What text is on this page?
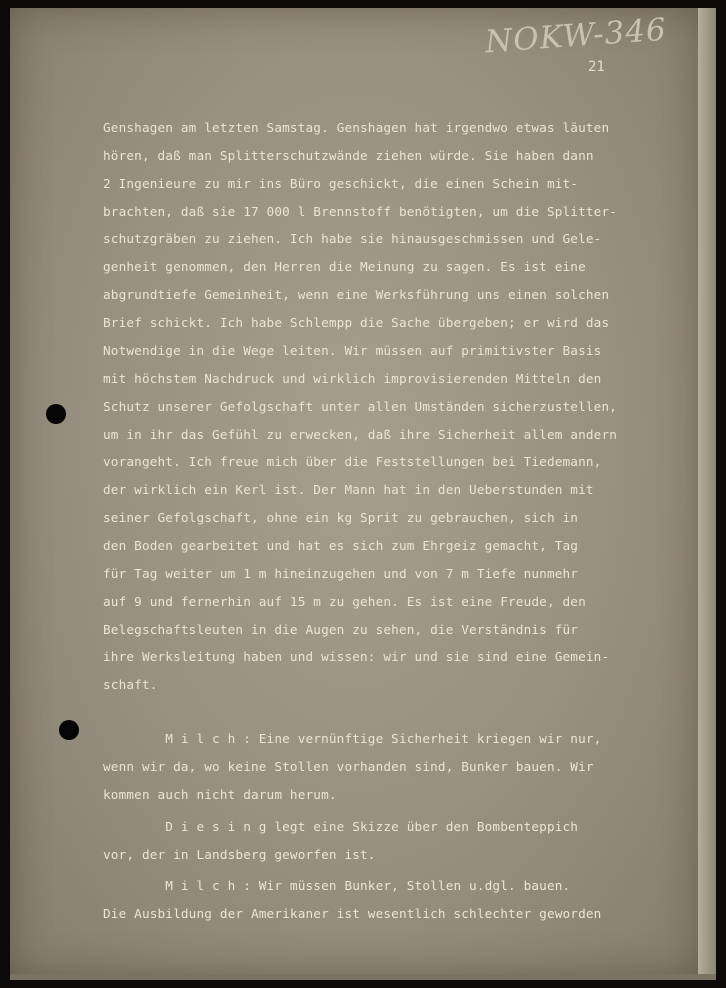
NOKW-346
21
Genshagen am letzten Samstag. Genshagen hat irgendwo etwas läuten
hören, daß man Splitterschutzwände ziehen würde. Sie haben dann
2 Ingenieure zu mir ins Büro geschickt, die einen Schein mit-
brachten, daß sie 17 000 l Brennstoff benötigten, um die Splitter-
schutzgräben zu ziehen. Ich habe sie hinausgeschmissen und Gele-
genheit genommen, den Herren die Meinung zu sagen. Es ist eine
abgrundtiefe Gemeinheit, wenn eine Werksführung uns einen solchen
Brief schickt. Ich habe Schlempp die Sache übergeben; er wird das
Notwendige in die Wege leiten. Wir müssen auf primitivster Basis
mit höchstem Nachdruck und wirklich improvisierenden Mitteln den
Schutz unserer Gefolgschaft unter allen Umständen sicherzustellen,
um in ihr das Gefühl zu erwecken, daß ihre Sicherheit allem andern
vorangeht. Ich freue mich über die Feststellungen bei Tiedemann,
der wirklich ein Kerl ist. Der Mann hat in den Ueberstunden mit
seiner Gefolgschaft, ohne ein kg Sprit zu gebrauchen, sich in
den Boden gearbeitet und hat es sich zum Ehrgeiz gemacht, Tag
für Tag weiter um 1 m hineinzugehen und von 7 m Tiefe nunmehr
auf 9 und fernerhin auf 15 m zu gehen. Es ist eine Freude, den
Belegschaftsleuten in die Augen zu sehen, die Verständnis für
ihre Werksleitung haben und wissen: wir und sie sind eine Gemein-
schaft.
M i l c h : Eine vernünftige Sicherheit kriegen wir nur,
wenn wir da, wo keine Stollen vorhanden sind, Bunker bauen. Wir
kommen auch nicht darum herum.
D i e s i n g legt eine Skizze über den Bombenteppich
vor, der in Landsberg geworfen ist.
M i l c h : Wir müssen Bunker, Stollen u.dgl. bauen.
Die Ausbildung der Amerikaner ist wesentlich schlechter geworden
